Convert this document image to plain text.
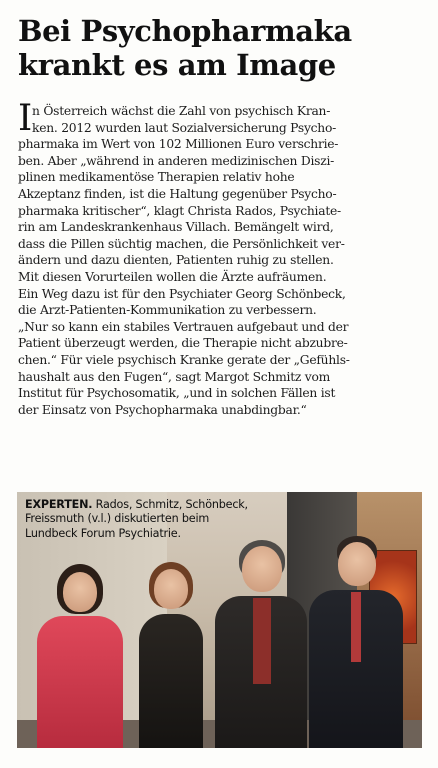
Bei Psychopharmaka
krankt es am Image
I n Österreich wächst die Zahl von psychisch Kran-
ken. 2012 wurden laut Sozialversicherung Psycho-
pharmaka im Wert von 102 Millionen Euro verschrie-
ben. Aber „während in anderen medizinischen Diszi-
plinen medikamentöse Therapien relativ hohe
Akzeptanz finden, ist die Haltung gegenüber Psycho-
pharmaka kritischer“, klagt Christa Rados, Psychiate-
rin am Landeskrankenhaus Villach. Bemängelt wird,
dass die Pillen süchtig machen, die Persönlichkeit ver-
ändern und dazu dienten, Patienten ruhig zu stellen.
Mit diesen Vorurteilen wollen die Ärzte aufräumen.
Ein Weg dazu ist für den Psychiater Georg Schönbeck,
die Arzt-Patienten-Kommunikation zu verbessern.
„Nur so kann ein stabiles Vertrauen aufgebaut und der
Patient überzeugt werden, die Therapie nicht abzubre-
chen.“ Für viele psychisch Kranke gerate der „Gefühls-
haushalt aus den Fugen“, sagt Margot Schmitz vom
Institut für Psychosomatik, „und in solchen Fällen ist
der Einsatz von Psychopharmaka unabdingbar.“
EXPERTEN. Rados, Schmitz, Schönbeck,
Freissmuth (v.l.) diskutierten beim
Lundbeck Forum Psychiatrie.
